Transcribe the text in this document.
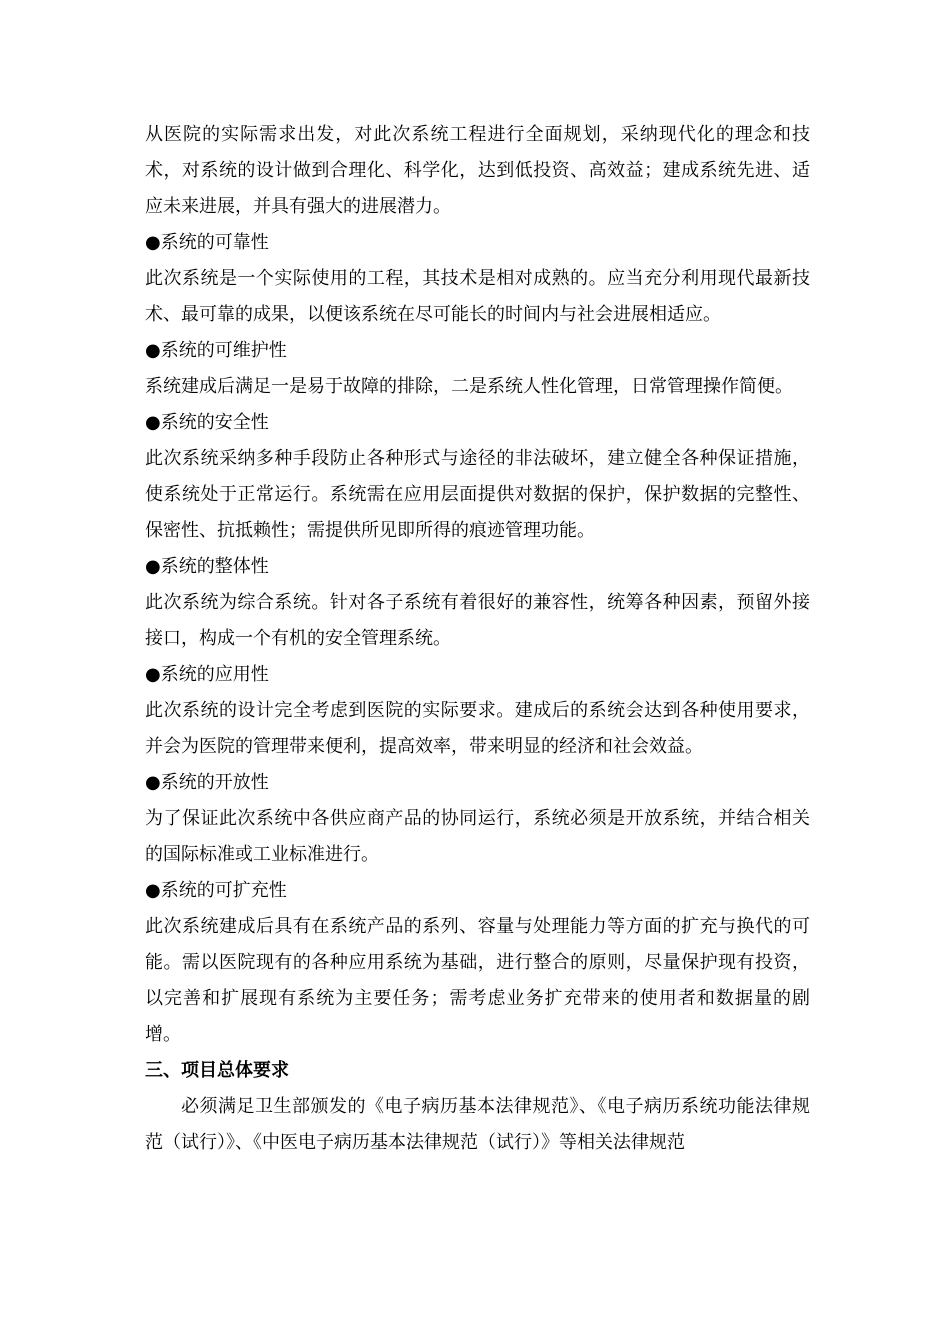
从医院的实际需求出发，对此次系统工程进行全面规划，采纳现代化的理念和技术，对系统的设计做到合理化、科学化，达到低投资、高效益；建成系统先进、适应未来进展，并具有强大的进展潜力。

●系统的可靠性

此次系统是一个实际使用的工程，其技术是相对成熟的。应当充分利用现代最新技术、最可靠的成果，以便该系统在尽可能长的时间内与社会进展相适应。

●系统的可维护性

系统建成后满足一是易于故障的排除，二是系统人性化管理，日常管理操作简便。

●系统的安全性

此次系统采纳多种手段防止各种形式与途径的非法破坏，建立健全各种保证措施，使系统处于正常运行。系统需在应用层面提供对数据的保护，保护数据的完整性、保密性、抗抵赖性；需提供所见即所得的痕迹管理功能。

●系统的整体性

此次系统为综合系统。针对各子系统有着很好的兼容性，统筹各种因素，预留外接接口，构成一个有机的安全管理系统。

●系统的应用性

此次系统的设计完全考虑到医院的实际要求。建成后的系统会达到各种使用要求，并会为医院的管理带来便利，提高效率，带来明显的经济和社会效益。

●系统的开放性

为了保证此次系统中各供应商产品的协同运行，系统必须是开放系统，并结合相关的国际标准或工业标准进行。

●系统的可扩充性

此次系统建成后具有在系统产品的系列、容量与处理能力等方面的扩充与换代的可能。需以医院现有的各种应用系统为基础，进行整合的原则，尽量保护现有投资，以完善和扩展现有系统为主要任务；需考虑业务扩充带来的使用者和数据量的剧增。

三、项目总体要求

必须满足卫生部颁发的《电子病历基本法律规范》、《电子病历系统功能法律规范（试行）》、《中医电子病历基本法律规范（试行）》等相关法律规范
